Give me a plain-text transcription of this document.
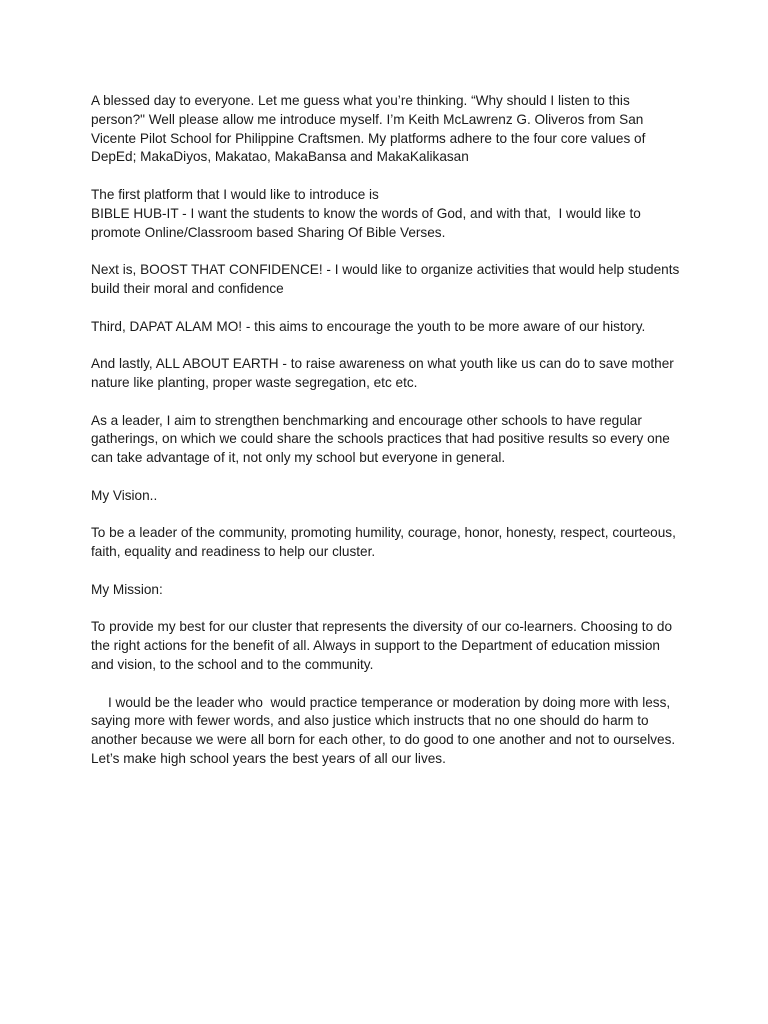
A blessed day to everyone. Let me guess what you’re thinking. “Why should I listen to this person?" Well please allow me introduce myself. I’m Keith McLawrenz G. Oliveros from San Vicente Pilot School for Philippine Craftsmen. My platforms adhere to the four core values of DepEd; MakaDiyos, Makatao, MakaBansa and MakaKalikasan

The first platform that I would like to introduce is
BIBLE HUB-IT - I want the students to know the words of God, and with that,  I would like to promote Online/Classroom based Sharing Of Bible Verses.

Next is, BOOST THAT CONFIDENCE! - I would like to organize activities that would help students build their moral and confidence

Third, DAPAT ALAM MO! - this aims to encourage the youth to be more aware of our history.

And lastly, ALL ABOUT EARTH - to raise awareness on what youth like us can do to save mother nature like planting, proper waste segregation, etc etc.

As a leader, I aim to strengthen benchmarking and encourage other schools to have regular gatherings, on which we could share the schools practices that had positive results so every one can take advantage of it, not only my school but everyone in general.

My Vision..

To be a leader of the community, promoting humility, courage, honor, honesty, respect, courteous, faith, equality and readiness to help our cluster.

My Mission:

To provide my best for our cluster that represents the diversity of our co-learners. Choosing to do the right actions for the benefit of all. Always in support to the Department of education mission and vision, to the school and to the community.

I would be the leader who  would practice temperance or moderation by doing more with less, saying more with fewer words, and also justice which instructs that no one should do harm to another because we were all born for each other, to do good to one another and not to ourselves. Let’s make high school years the best years of all our lives.
